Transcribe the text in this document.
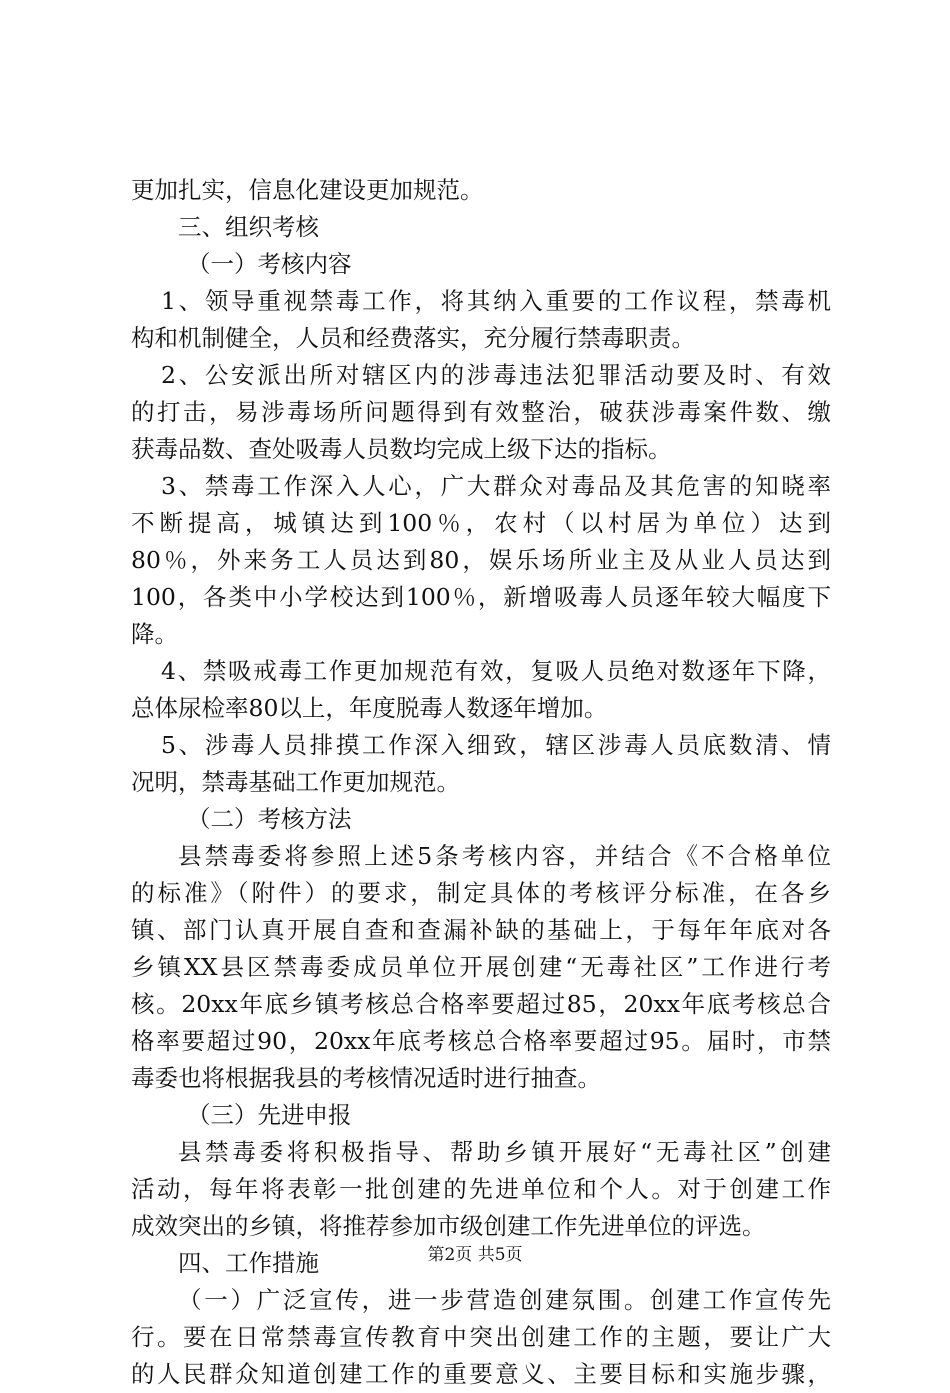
更加扎实，信息化建设更加规范。
三、组织考核
（一）考核内容
1、领导重视禁毒工作，将其纳入重要的工作议程，禁毒机
构和机制健全，人员和经费落实，充分履行禁毒职责。
2、公安派出所对辖区内的涉毒违法犯罪活动要及时、有效
的打击，易涉毒场所问题得到有效整治，破获涉毒案件数、缴
获毒品数、查处吸毒人员数均完成上级下达的指标。
3、禁毒工作深入人心，广大群众对毒品及其危害的知晓率
不断提高，城镇达到100％，农村（以村居为单位）达到
80％，外来务工人员达到80，娱乐场所业主及从业人员达到
100，各类中小学校达到100％，新增吸毒人员逐年较大幅度下
降。
4、禁吸戒毒工作更加规范有效，复吸人员绝对数逐年下降，
总体尿检率80以上，年度脱毒人数逐年增加。
5、涉毒人员排摸工作深入细致，辖区涉毒人员底数清、情
况明，禁毒基础工作更加规范。
（二）考核方法
县禁毒委将参照上述5条考核内容，并结合《不合格单位
的标准》（附件）的要求，制定具体的考核评分标准，在各乡
镇、部门认真开展自查和查漏补缺的基础上，于每年年底对各
乡镇XX县区禁毒委成员单位开展创建“无毒社区”工作进行考
核。20xx年底乡镇考核总合格率要超过85，20xx年底考核总合
格率要超过90，20xx年底考核总合格率要超过95。届时，市禁
毒委也将根据我县的考核情况适时进行抽查。
（三）先进申报
县禁毒委将积极指导、帮助乡镇开展好“无毒社区”创建
活动，每年将表彰一批创建的先进单位和个人。对于创建工作
成效突出的乡镇，将推荐参加市级创建工作先进单位的评选。
四、工作措施
（一）广泛宣传，进一步营造创建氛围。创建工作宣传先
行。要在日常禁毒宣传教育中突出创建工作的主题，要让广大
的人民群众知道创建工作的重要意义、主要目标和实施步骤，
第2页 共5页
